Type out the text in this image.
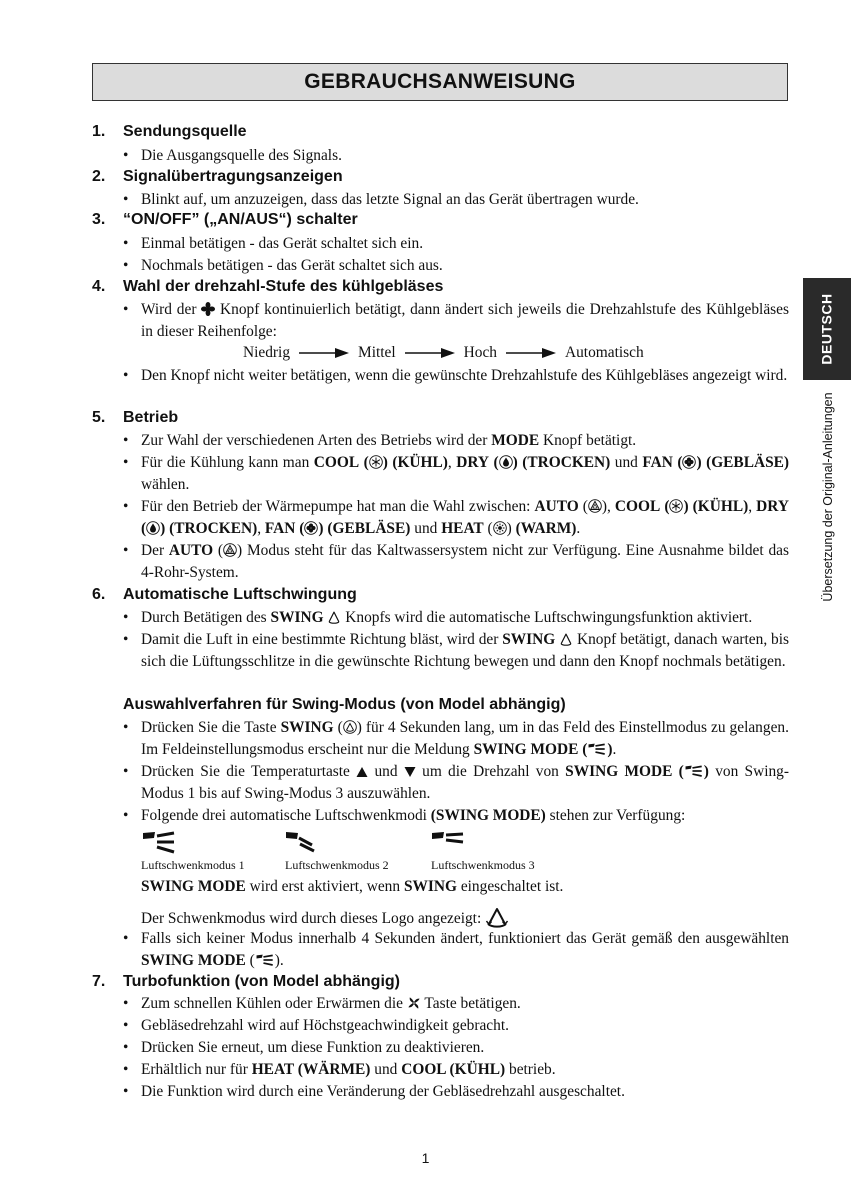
GEBRAUCHSANWEISUNG
DEUTSCH
Übersetzung der Original-Anleitungen
1. Sendungsquelle
• Die Ausgangsquelle des Signals.
2. Signalübertragungsanzeigen
• Blinkt auf, um anzuzeigen, dass das letzte Signal an das Gerät übertragen wurde.
3. “ON/OFF” („AN/AUS“) schalter
• Einmal betätigen - das Gerät schaltet sich ein.
• Nochmals betätigen - das Gerät schaltet sich aus.
4. Wahl der drehzahl-Stufe des kühlgebläses
• Wird der Knopf kontinuierlich betätigt, dann ändert sich jeweils die Drehzahlstufe des Kühlgebläses in dieser Reihenfolge:
Niedrig	Mittel	Hoch	Automatisch
• Den Knopf nicht weiter betätigen, wenn die gewünschte Drehzahlstufe des Kühlgebläses angezeigt wird.
5. Betrieb
• Zur Wahl der verschiedenen Arten des Betriebs wird der MODE Knopf betätigt.
• Für die Kühlung kann man COOL ( ) (KÜHL), DRY ( ) (TROCKEN) und FAN ( ) (GEBLÄSE) wählen.
• Für den Betrieb der Wärmepumpe hat man die Wahl zwischen: AUTO ( ), COOL ( ) (KÜHL), DRY ( ) (TROCKEN), FAN ( ) (GEBLÄSE) und HEAT ( ) (WARM).
• Der AUTO ( ) Modus steht für das Kaltwassersystem nicht zur Verfügung. Eine Ausnahme bildet das 4-Rohr-System.
6. Automatische Luftschwingung
• Durch Betätigen des SWING Knopfs wird die automatische Luftschwingungsfunktion aktiviert.
• Damit die Luft in eine bestimmte Richtung bläst, wird der SWING Knopf betätigt, danach warten, bis sich die Lüftungsschlitze in die gewünschte Richtung bewegen und dann den Knopf nochmals betätigen.
Auswahlverfahren für Swing-Modus (von Model abhängig)
• Drücken Sie die Taste SWING ( ) für 4 Sekunden lang, um in das Feld des Einstellmodus zu gelangen. Im Feldeinstellungsmodus erscheint nur die Meldung SWING MODE ( ).
• Drücken Sie die Temperaturtaste und um die Drehzahl von SWING MODE ( ) von Swing-Modus 1 bis auf Swing-Modus 3 auszuwählen.
• Folgende drei automatische Luftschwenkmodi (SWING MODE) stehen zur Verfügung:
Luftschwenkmodus 1	Luftschwenkmodus 2	Luftschwenkmodus 3
SWING MODE wird erst aktiviert, wenn SWING eingeschaltet ist.
Der Schwenkmodus wird durch dieses Logo angezeigt:
• Falls sich keiner Modus innerhalb 4 Sekunden ändert, funktioniert das Gerät gemäß den ausgewählten SWING MODE ( ).
7. Turbofunktion (von Model abhängig)
• Zum schnellen Kühlen oder Erwärmen die Taste betätigen.
• Gebläsedrehzahl wird auf Höchstgeachwindigkeit gebracht.
• Drücken Sie erneut, um diese Funktion zu deaktivieren.
• Erhältlich nur für HEAT (WÄRME) und COOL (KÜHL) betrieb.
• Die Funktion wird durch eine Veränderung der Gebläsedrehzahl ausgeschaltet.
1
